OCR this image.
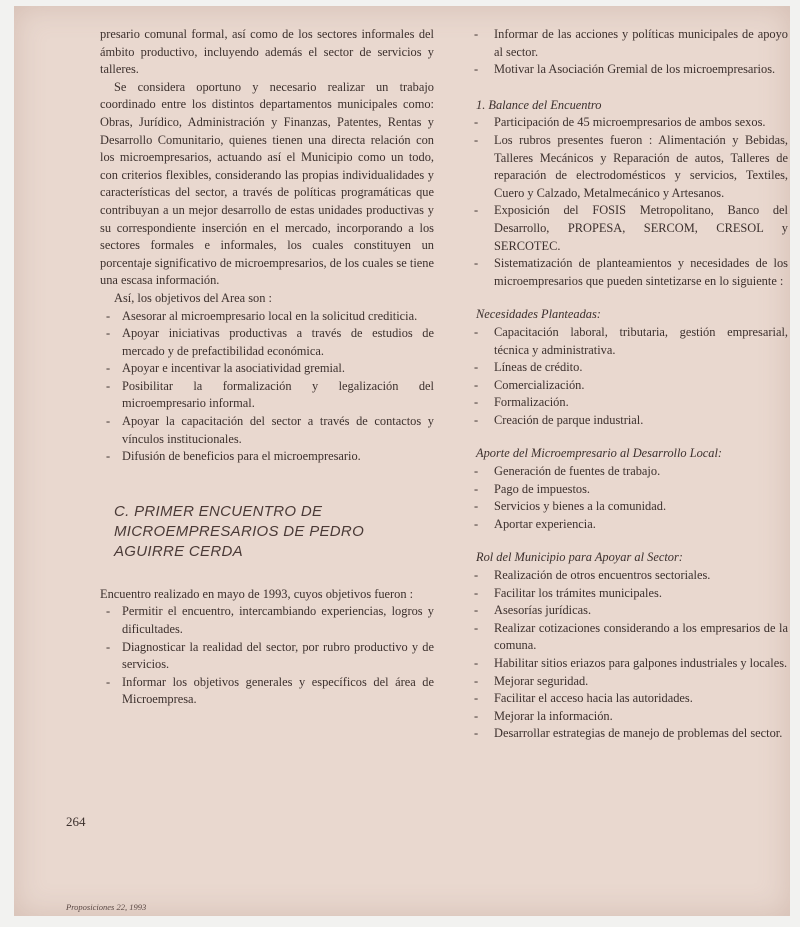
presario comunal formal, así como de los sectores informales del ámbito productivo, incluyendo además el sector de servicios y talleres.

Se considera oportuno y necesario realizar un trabajo coordinado entre los distintos departamentos municipales como: Obras, Jurídico, Administración y Finanzas, Patentes, Rentas y Desarrollo Comunitario, quienes tienen una directa relación con los microempresarios, actuando así el Municipio como un todo, con criterios flexibles, considerando las propias individualidades y características del sector, a través de políticas programáticas que contribuyan a un mejor desarrollo de estas unidades productivas y su correspondiente inserción en el mercado, incorporando a los sectores formales e informales, los cuales constituyen un porcentaje significativo de microempresarios, de los cuales se tiene una escasa información.

Así, los objetivos del Area son :

- Asesorar al microempresario local en la solicitud crediticia.
- Apoyar iniciativas productivas a través de estudios de mercado y de prefactibilidad económica.
- Apoyar e incentivar la asociatividad gremial.
- Posibilitar la formalización y legalización del microempresario informal.
- Apoyar la capacitación del sector a través de contactos y vínculos institucionales.
- Difusión de beneficios para el microempresario.
C. PRIMER ENCUENTRO DE MICROEMPRESARIOS DE PEDRO AGUIRRE CERDA

Encuentro realizado en mayo de 1993, cuyos objetivos fueron :

- Permitir el encuentro, intercambiando experiencias, logros y dificultades.
- Diagnosticar la realidad del sector, por rubro productivo y de servicios.
- Informar los objetivos generales y específicos del área de Microempresa.
- Informar de las acciones y políticas municipales de apoyo al sector.
- Motivar la Asociación Gremial de los microempresarios.

1. Balance del Encuentro

- Participación de 45 microempresarios de ambos sexos.
- Los rubros presentes fueron : Alimentación y Bebidas, Talleres Mecánicos y Reparación de autos, Talleres de reparación de electrodomésticos y servicios, Textiles, Cuero y Calzado, Metalmecánico y Artesanos.
- Exposición del FOSIS Metropolitano, Banco del Desarrollo, PROPESA, SERCOM, CRESOL y SERCOTEC.
- Sistematización de planteamientos y necesidades de los microempresarios que pueden sintetizarse en lo siguiente :

Necesidades Planteadas:

- Capacitación laboral, tributaria, gestión empresarial, técnica y administrativa.
- Líneas de crédito.
- Comercialización.
- Formalización.
- Creación de parque industrial.

Aporte del Microempresario al Desarrollo Local:

- Generación de fuentes de trabajo.
- Pago de impuestos.
- Servicios y bienes a la comunidad.
- Aportar experiencia.

Rol del Municipio para Apoyar al Sector:

- Realización de otros encuentros sectoriales.
- Facilitar los trámites municipales.
- Asesorías jurídicas.
- Realizar cotizaciones considerando a los empresarios de la comuna.
- Habilitar sitios eriazos para galpones industriales y locales.
- Mejorar seguridad.
- Facilitar el acceso hacia las autoridades.
- Mejorar la información.
- Desarrollar estrategias de manejo de problemas del sector.
264
Proposiciones 22, 1993
